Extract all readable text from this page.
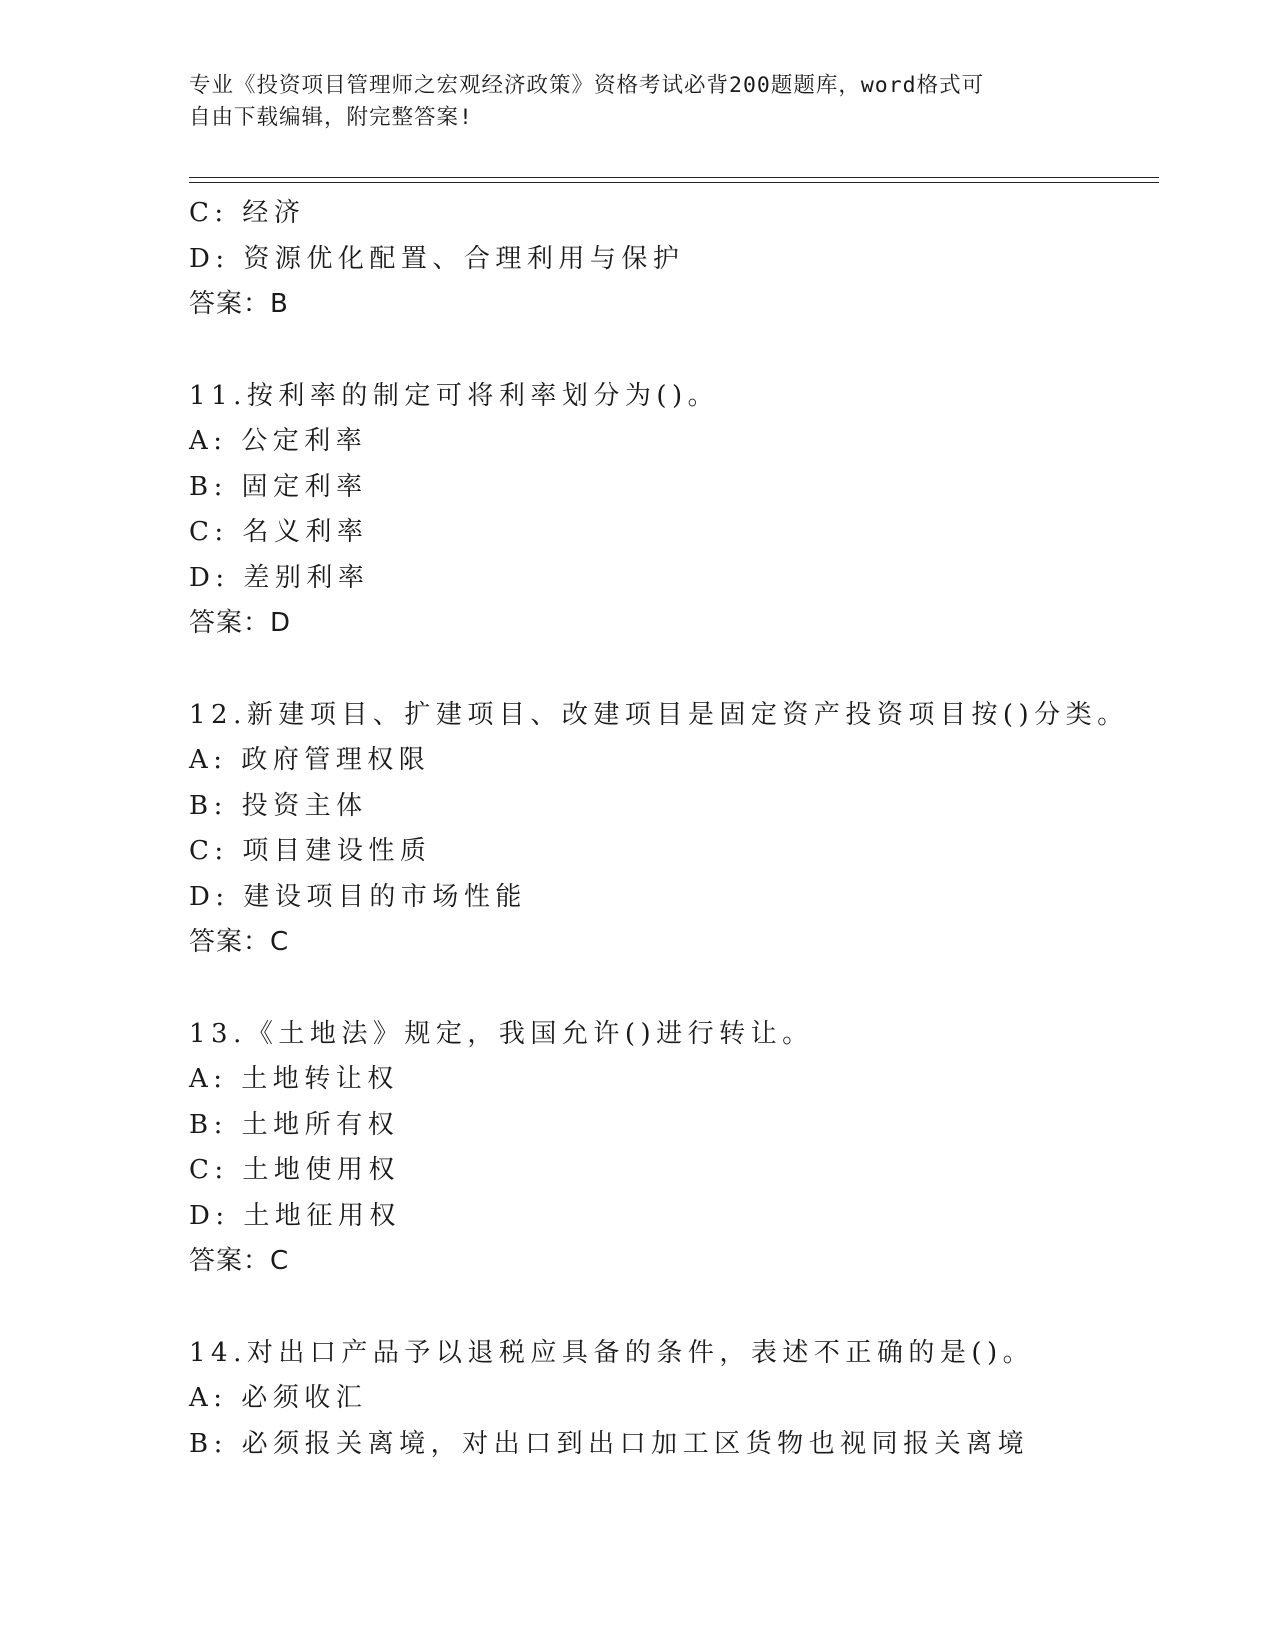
专业《投资项目管理师之宏观经济政策》资格考试必背200题题库，word格式可
自由下载编辑，附完整答案!
C: 经济
D: 资源优化配置、合理利用与保护
答案：B
11.按利率的制定可将利率划分为()。
A: 公定利率
B: 固定利率
C: 名义利率
D: 差别利率
答案：D
12.新建项目、扩建项目、改建项目是固定资产投资项目按()分类。
A: 政府管理权限
B: 投资主体
C: 项目建设性质
D: 建设项目的市场性能
答案：C
13.《土地法》规定，我国允许()进行转让。
A: 土地转让权
B: 土地所有权
C: 土地使用权
D: 土地征用权
答案：C
14.对出口产品予以退税应具备的条件，表述不正确的是()。
A: 必须收汇
B: 必须报关离境，对出口到出口加工区货物也视同报关离境
